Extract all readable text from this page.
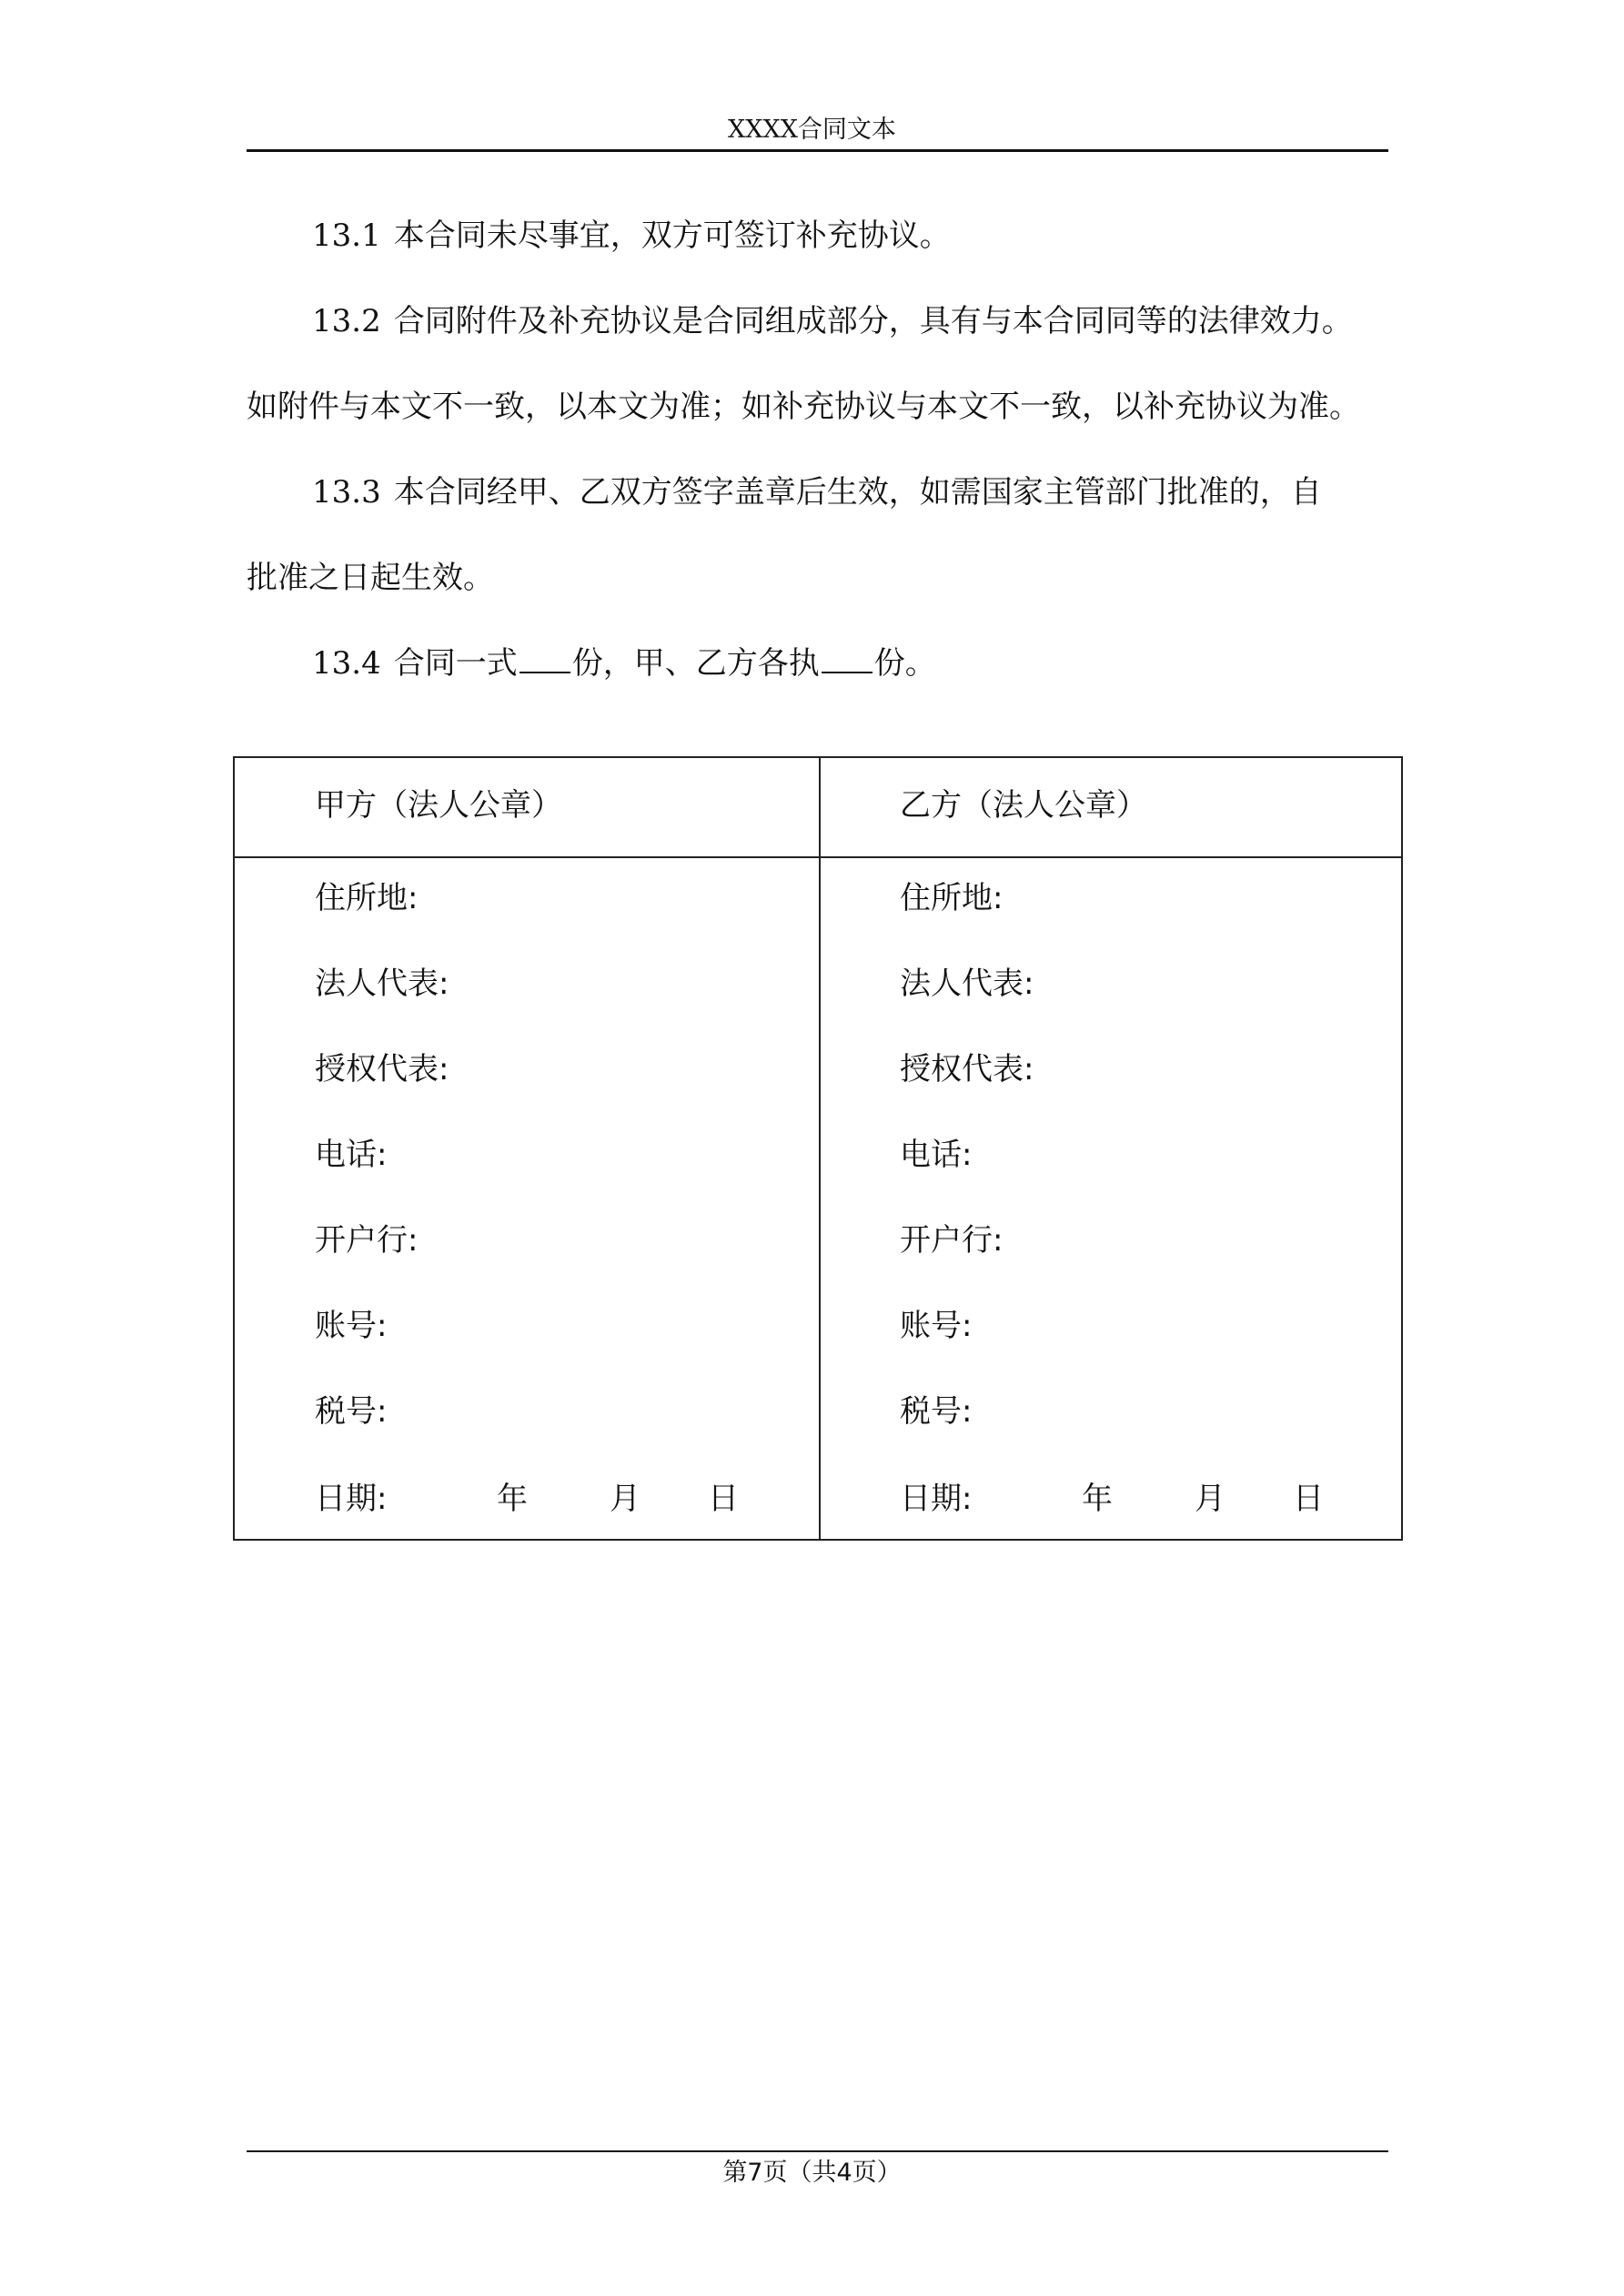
XXXX合同文本
13.1 本合同未尽事宜，双方可签订补充协议。
13.2 合同附件及补充协议是合同组成部分，具有与本合同同等的法律效力。
如附件与本文不一致，以本文为准；如补充协议与本文不一致，以补充协议为准。
13.3 本合同经甲、乙双方签字盖章后生效，如需国家主管部门批准的，自
批准之日起生效。
13.4 合同一式 份，甲、乙方各执 份。
甲方（法人公章）
住所地:
法人代表:
授权代表:
电话:
开户行:
账号:
税号:
日期:	年	月 日
乙方（法人公章）
住所地:
法人代表:
授权代表:
电话:
开户行:
账号:
税号:
日期:	年	月 日
第7页（共4页）
